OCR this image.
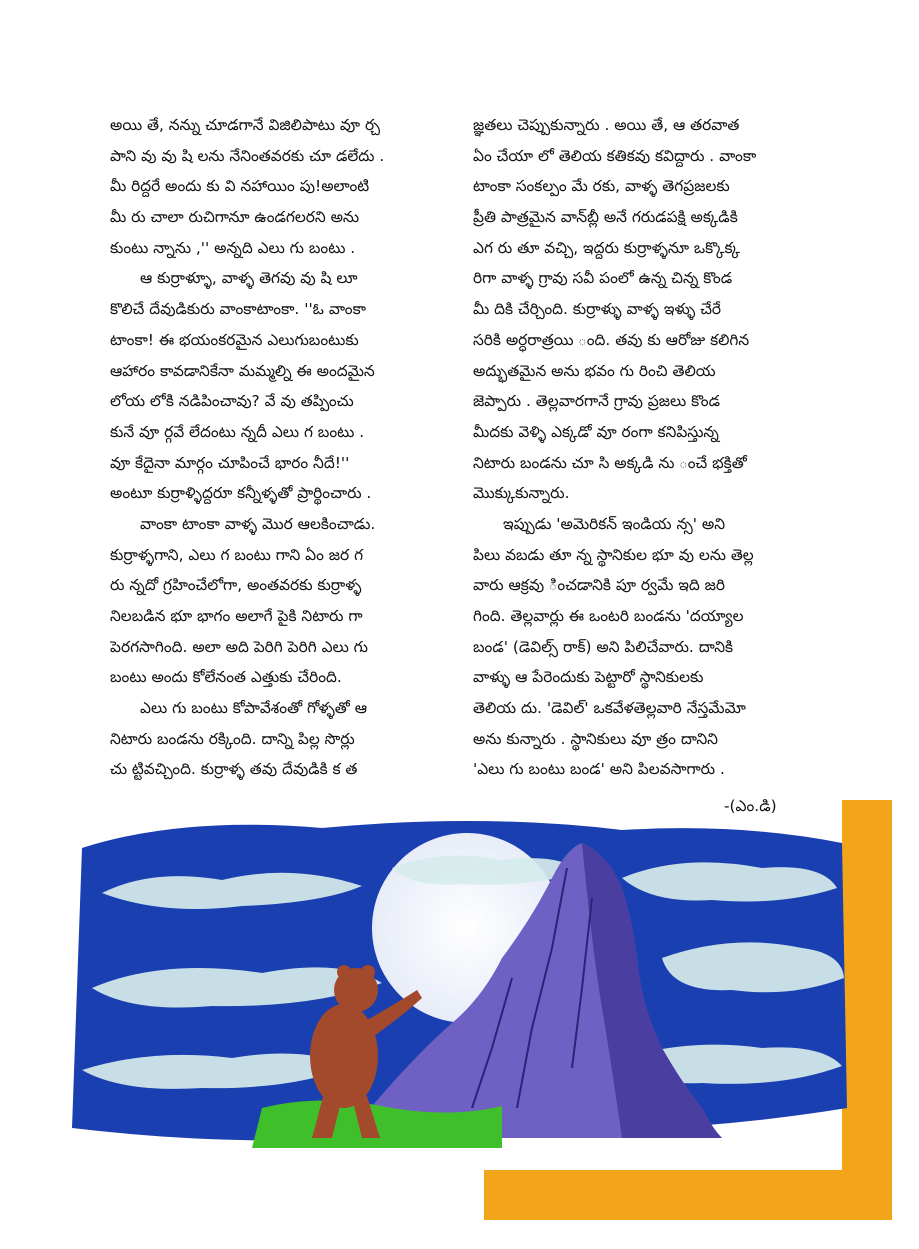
అయి తే, నన్ను చూడగానే విజిలిపాటు వూ ర్చ
పాని వు వు షి లను నేనింతవరకు చూ డలేదు .
మీ రిద్దరే అందు కు వి నహాయిం పు!అలాంటి
మీ రు చాలా రుచిగానూ ఉండగలరని అను
కుంటు న్నాను ,'' అన్నది ఎలు గు బంటు .
ఆ కుర్రాళ్ళూ, వాళ్ళ తెగవు వు షి లూ
కొలిచే దేవుడికురు వాంకాటాంకా. ''ఓ వాంకా
టాంకా! ఈ భయంకరమైన ఎలుగుబంటుకు
ఆహారం కావడానికేనా మమ్మల్ని ఈ అందమైన
లోయ లోకి నడిపించావు? వే వు తప్పించు
కునే వూ ర్గవే లేదంటు న్నదీ ఎలు గ బంటు .
వూ కేదైనా మార్గం చూపించే భారం నీదే!''
అంటూ కుర్రాళ్ళిద్దరూ కన్నీళ్ళతో ప్రార్థించారు .
వాంకా టాంకా వాళ్ళ మొర ఆలకించాడు.
కుర్రాళ్ళగాని, ఎలు గ బంటు గాని ఏం జర గ
రు న్నదో గ్రహించేలోగా, అంతవరకు కుర్రాళ్ళ
నిలబడిన భూ భాగం అలాగే పైకి నిటారు గా
పెరగసాగింది. అలా అది పెరిగి పెరిగి ఎలు గు
బంటు అందు కోలేనంత ఎత్తుకు చేరింది.
ఎలు గు బంటు కోపావేశంతో గోళ్ళతో ఆ
నిటారు బండను రక్కింది. దాన్ని పిల్ల సొర్లు
చు ట్టివచ్చింది. కుర్రాళ్ళ తవు దేవుడికి క త
జ్ఞతలు చెప్పుకున్నారు . అయి తే, ఆ తరవాత
ఏం చేయా లో తెలియ కతికవు కవిద్దారు . వాంకా
టాంకా సంకల్పం మే రకు, వాళ్ళ తెగప్రజలకు
ప్రీతి పాత్రమైన వాన్‌బ్లీ అనే గరుడపక్షి అక్కడికి
ఎగ రు తూ వచ్చి, ఇద్దరు కుర్రాళ్ళనూ ఒక్కొక్క
రిగా వాళ్ళ గ్రావు సవీ పంలో ఉన్న చిన్న కొండ
మీ దికి చేర్చింది. కుర్రాళ్ళు వాళ్ళ ఇళ్ళు చేరే
సరికి అర్ధరాత్రయి ంది. తవు కు ఆరోజు కలిగిన
అద్భుతమైన అను భవం గు రించి తెలియ
జెప్పారు . తెల్లవారగానే గ్రావు ప్రజలు కొండ
మీదకు వెళ్ళి ఎక్కడో వూ రంగా కనిపిస్తున్న
నిటారు బండను చూ సి అక్కడి ను ంచే భక్తితో
మొక్కుకున్నారు.
ఇప్పుడు 'అమెరికన్ ఇండియ న్స' అని
పిలు వబడు తూ న్న స్థానికుల భూ వు లను తెల్ల
వారు ఆక్రవు ించడానికి పూ ర్వమే ఇది జరి
గింది. తెల్లవార్లు ఈ ఒంటరి బండను 'దయ్యాల
బండ' (డెవిల్స్ రాక్) అని పిలిచేవారు. దానికి
వాళ్ళు ఆ పేరెందుకు పెట్టారో స్థానికులకు
తెలియ దు. 'డెవిల్' ఒకవేళతెల్లవారి నేస్తమేమో
అను కున్నారు . స్థానికులు వూ త్రం దానిని
'ఎలు గు బంటు బండ' అని పిలవసాగారు .
-(ఎం.డి)
